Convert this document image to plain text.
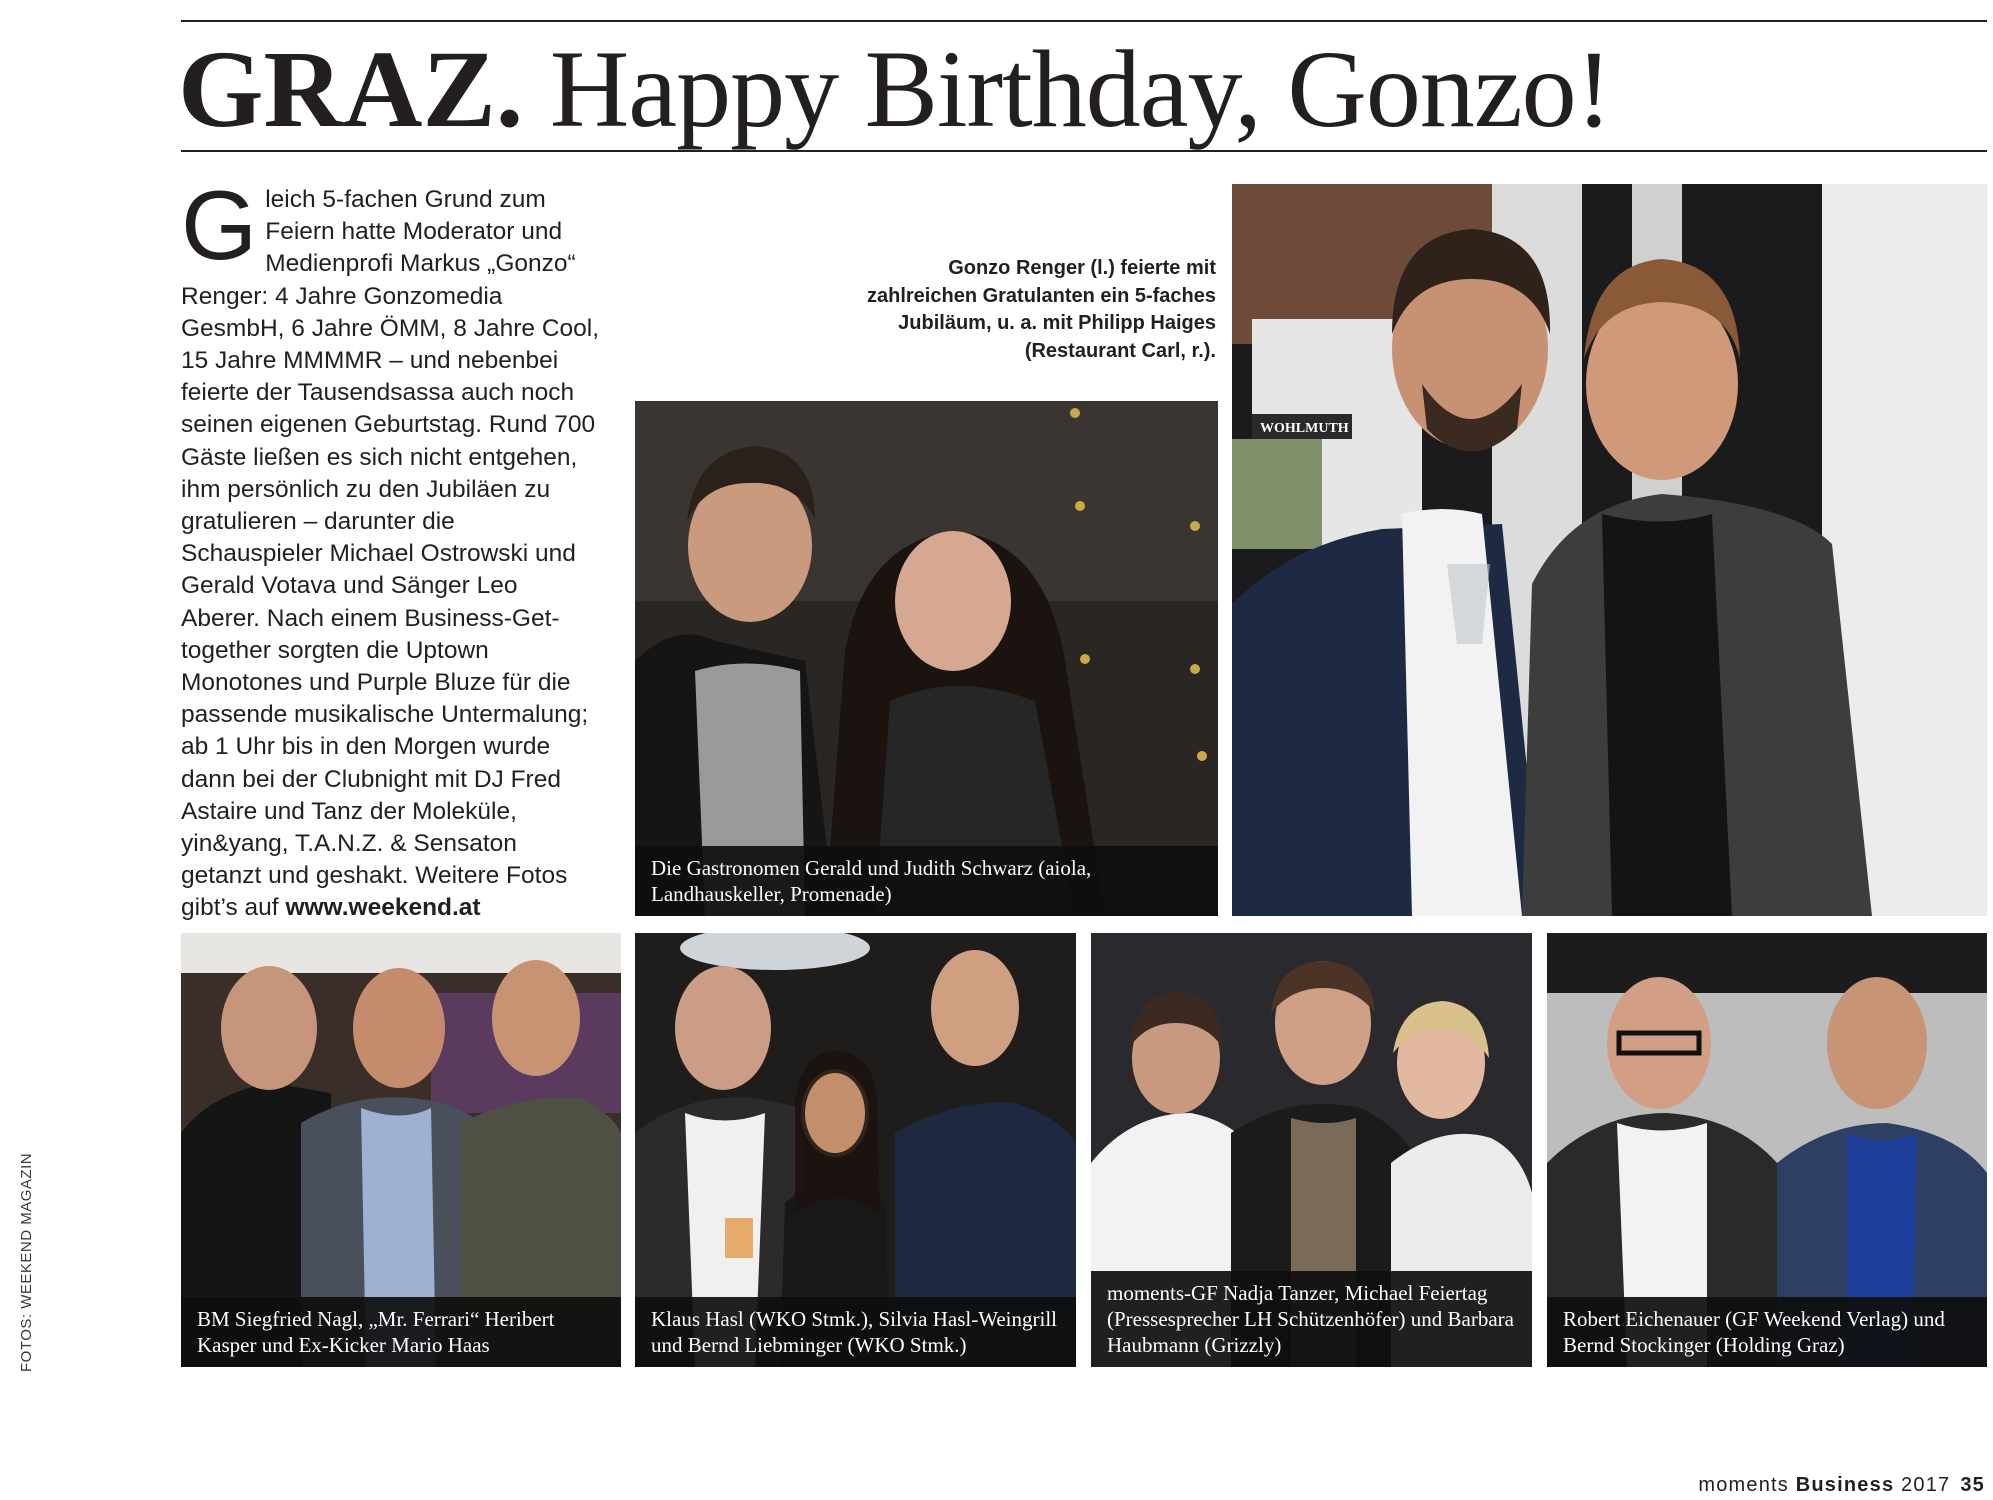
GRAZ. Happy Birthday, Gonzo!

Gleich 5-fachen Grund zum Feiern hatte Moderator und Medienprofi Markus „Gonzo“ Renger: 4 Jahre Gonzomedia GesmbH, 6 Jahre ÖMM, 8 Jahre Cool, 15 Jahre MMMMR – und nebenbei feierte der Tausendsassa auch noch seinen eigenen Geburtstag. Rund 700 Gäste ließen es sich nicht entgehen, ihm persönlich zu den Jubiläen zu gratulieren – darunter die Schauspieler Michael Ostrowski und Gerald Votava und Sänger Leo Aberer. Nach einem Business-Get-together sorgten die Uptown Monotones und Purple Bluze für die passende musikalische Untermalung; ab 1 Uhr bis in den Morgen wurde dann bei der Clubnight mit DJ Fred Astaire und Tanz der Moleküle, yin&yang, T.A.N.Z. & Sensaton getanzt und geshakt. Weitere Fotos gibt’s auf www.weekend.at

Gonzo Renger (l.) feierte mit zahlreichen Gratulanten ein 5-faches Jubiläum, u. a. mit Philipp Haiges (Restaurant Carl, r.).

Die Gastronomen Gerald und Judith Schwarz (aiola, Landhauskeller, Promenade)
WOHLMUTH
BM Siegfried Nagl, „Mr. Ferrari“ Heribert Kasper und Ex-Kicker Mario Haas
Klaus Hasl (WKO Stmk.), Silvia Hasl-Weingrill und Bernd Liebminger (WKO Stmk.)
moments-GF Nadja Tanzer, Michael Feiertag (Pressesprecher LH Schützenhöfer) und Barbara Haubmann (Grizzly)
Robert Eichenauer (GF Weekend Verlag) und Bernd Stockinger (Holding Graz)
FOTOS: WEEKEND MAGAZIN
moments Business 2017 35
